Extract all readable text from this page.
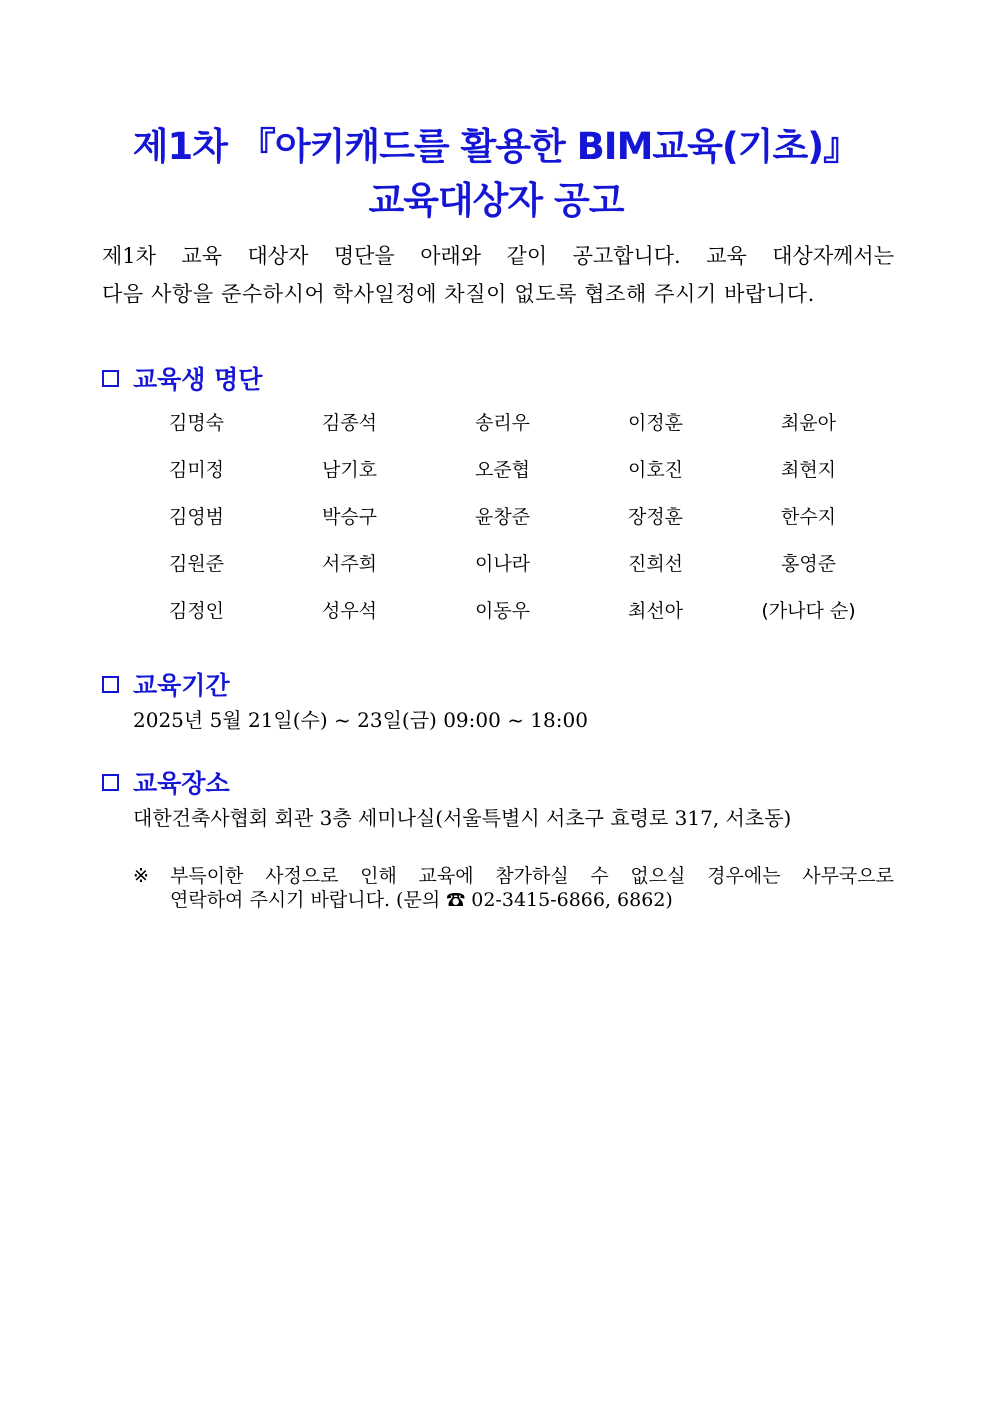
제1차 『아키캐드를 활용한 BIM교육(기초)』
교육대상자 공고
제1차 교육 대상자 명단을 아래와 같이 공고합니다. 교육 대상자께서는
다음 사항을 준수하시어 학사일정에 차질이 없도록 협조해 주시기 바랍니다.
교육생 명단
김명숙	김종석	송리우	이정훈	최윤아
김미정	남기호	오준협	이호진	최현지
김영범	박승구	윤창준	장정훈	한수지
김원준	서주희	이나라	진희선	홍영준
김정인	성우석	이동우	최선아	(가나다 순)
교육기간
2025년 5월 21일(수) ~ 23일(금) 09:00 ~ 18:00
교육장소
대한건축사협회 회관 3층 세미나실(서울특별시 서초구 효령로 317, 서초동)
※ 부득이한 사정으로 인해 교육에 참가하실 수 없으실 경우에는 사무국으로
연락하여 주시기 바랍니다. (문의 ☎ 02-3415-6866, 6862)
